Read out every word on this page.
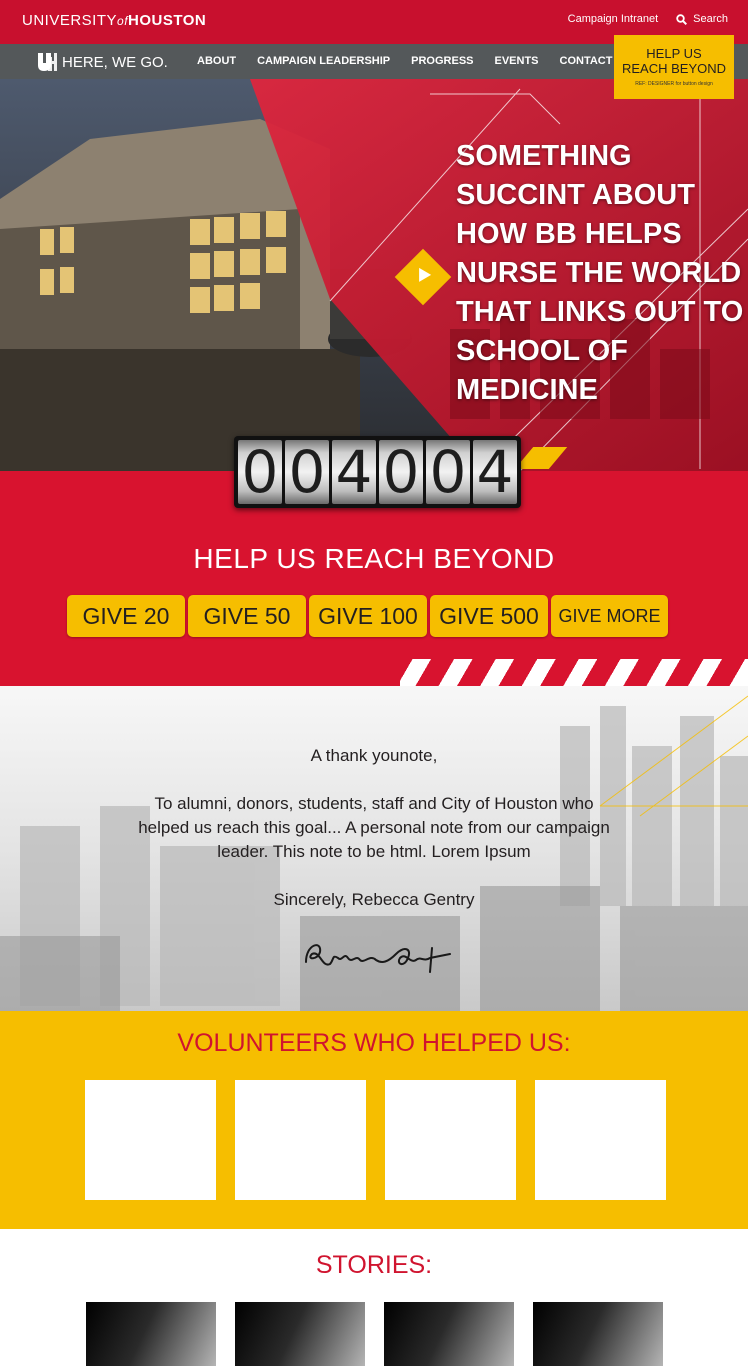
UNIVERSITYofHOUSTON	Campaign Intranet	Search
HERE, WE GO.	ABOUT CAMPAIGN LEADERSHIP PROGRESS EVENTS CONTACT	HELP US
REACH BEYOND
REF: DESIGNER for button design
SOMETHING SUCCINT ABOUT HOW BB HELPS NURSE THE WORLD THAT LINKS OUT TO SCHOOL OF MEDICINE
0 0 4 0 0 4
HELP US REACH BEYOND
GIVE 20	GIVE 50	GIVE 100 GIVE 500	GIVE MORE
A thank younote,
To alumni, donors, students, staff and City of Houston who helped us reach this goal... A personal note from our campaign leader. This note to be html. Lorem Ipsum
Sincerely, Rebecca Gentry
VOLUNTEERS WHO HELPED US:
STORIES:
